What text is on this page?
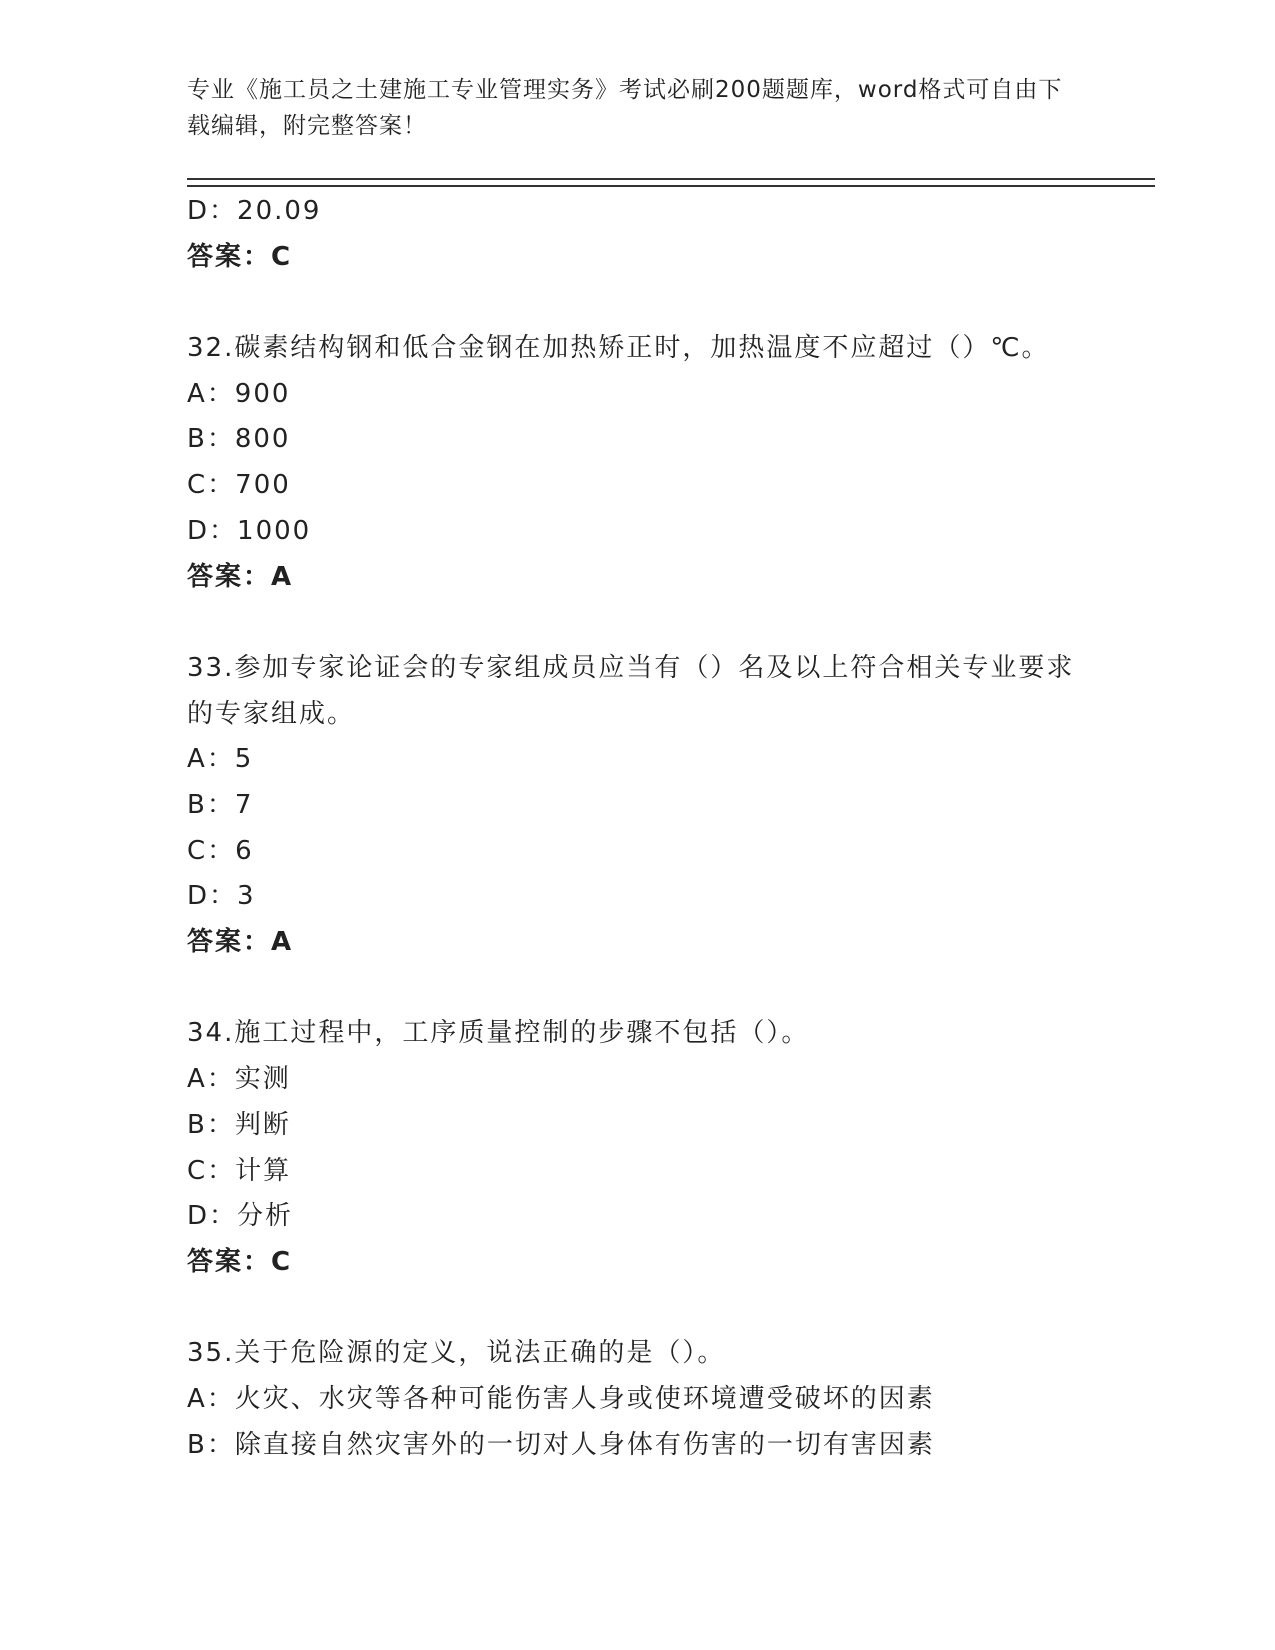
专业《施工员之土建施工专业管理实务》考试必刷200题题库，word格式可自由下载编辑，附完整答案！
D：20.09
答案：C
32.碳素结构钢和低合金钢在加热矫正时，加热温度不应超过（）℃。
A：900
B：800
C：700
D：1000
答案：A
33.参加专家论证会的专家组成员应当有（）名及以上符合相关专业要求的专家组成。
A：5
B：7
C：6
D：3
答案：A
34.施工过程中，工序质量控制的步骤不包括（）。
A：实测
B：判断
C：计算
D：分析
答案：C
35.关于危险源的定义，说法正确的是（）。
A：火灾、水灾等各种可能伤害人身或使环境遭受破坏的因素
B：除直接自然灾害外的一切对人身体有伤害的一切有害因素
